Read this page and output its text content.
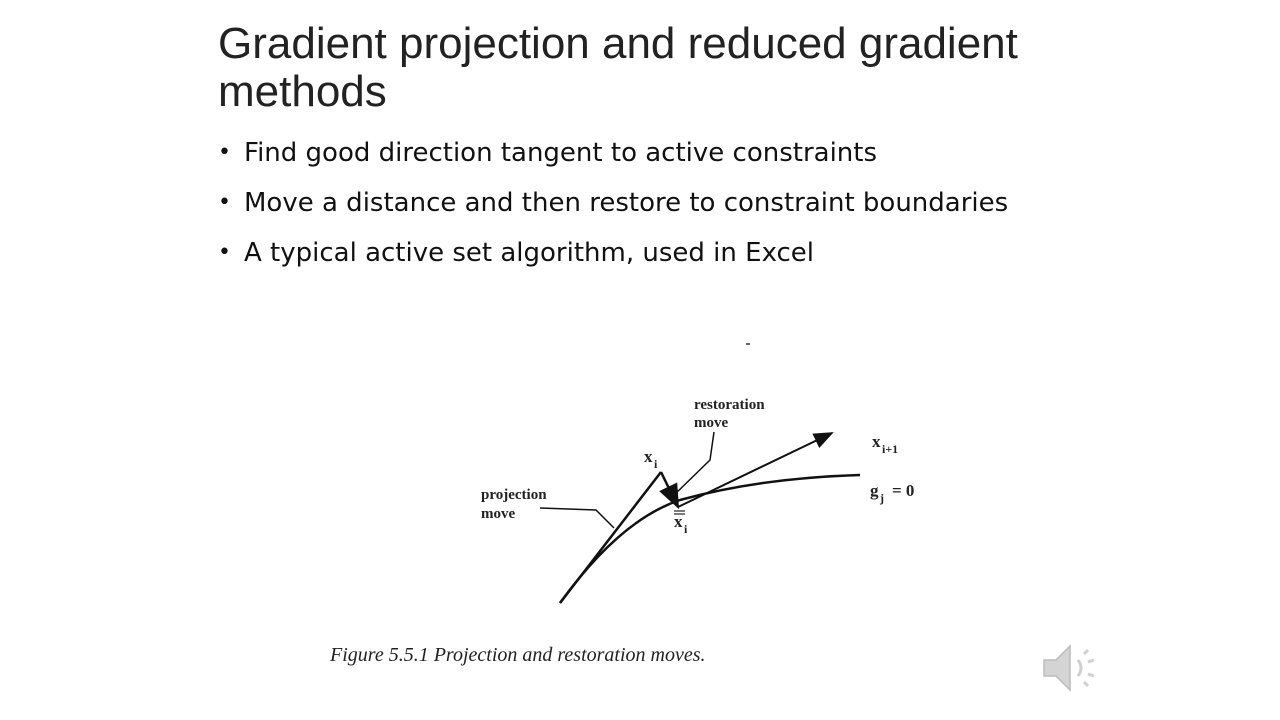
Gradient projection and reduced gradient methods
• Find good direction tangent to active constraints
• Move a distance and then restore to constraint boundaries
• A typical active set algorithm, used in Excel
restoration
move
projection
move
x i
x i+1
x i
g j = 0
Figure 5.5.1 Projection and restoration moves.
